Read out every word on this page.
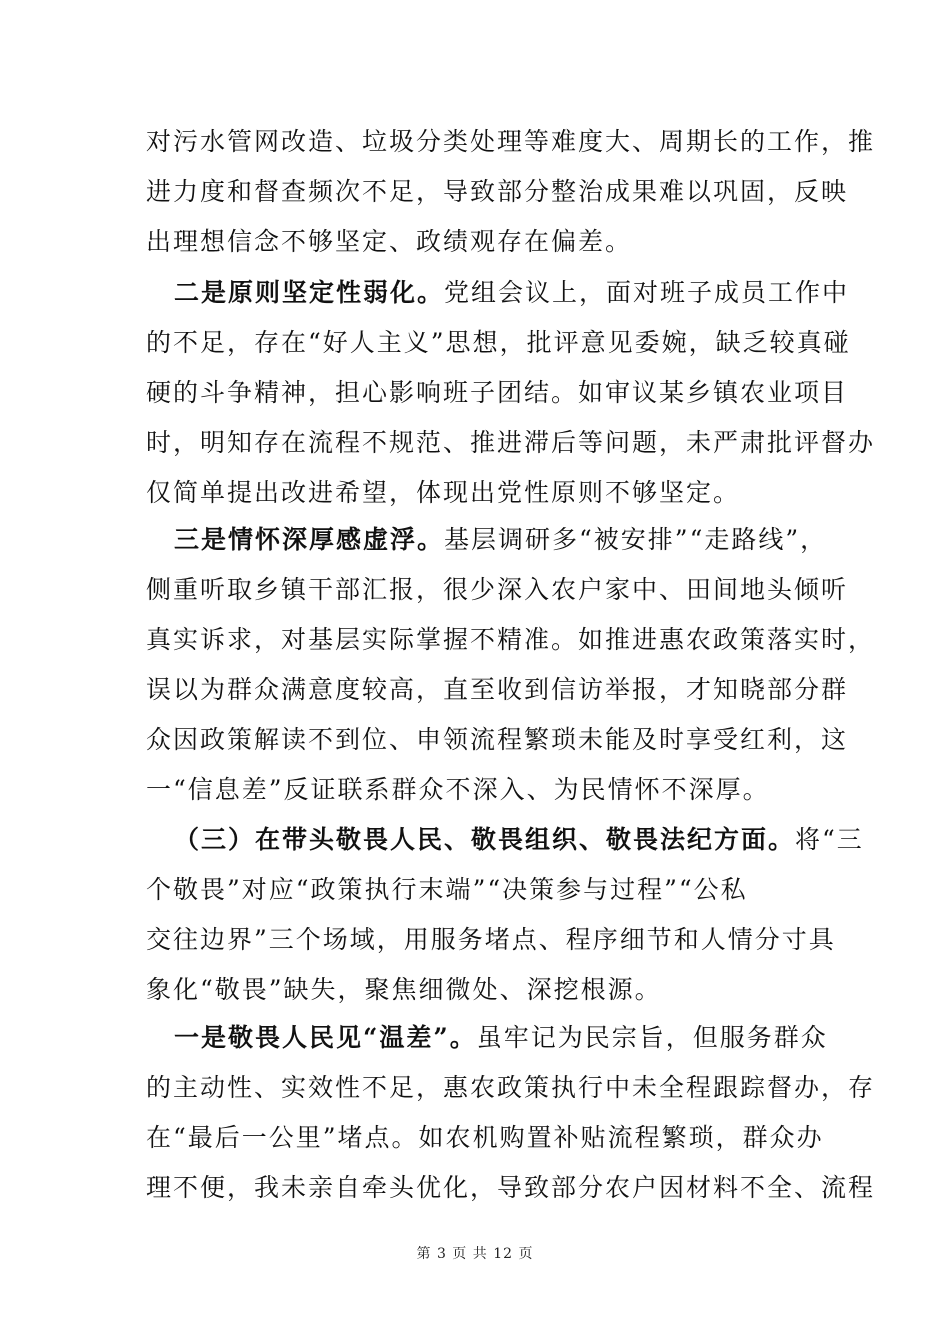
对污水管网改造、垃圾分类处理等难度大、周期长的工作，推
进力度和督查频次不足，导致部分整治成果难以巩固，反映
出理想信念不够坚定、政绩观存在偏差。
二是原则坚定性弱化。党组会议上，面对班子成员工作中
的不足，存在“好人主义”思想，批评意见委婉，缺乏较真碰
硬的斗争精神，担心影响班子团结。如审议某乡镇农业项目
时，明知存在流程不规范、推进滞后等问题，未严肃批评督办
仅简单提出改进希望，体现出党性原则不够坚定。
三是情怀深厚感虚浮。基层调研多“被安排”“走路线”，
侧重听取乡镇干部汇报，很少深入农户家中、田间地头倾听
真实诉求，对基层实际掌握不精准。如推进惠农政策落实时，
误以为群众满意度较高，直至收到信访举报，才知晓部分群
众因政策解读不到位、申领流程繁琐未能及时享受红利，这
一“信息差”反证联系群众不深入、为民情怀不深厚。
（三）在带头敬畏人民、敬畏组织、敬畏法纪方面。将“三
个敬畏”对应“政策执行末端”“决策参与过程”“公私
交往边界”三个场域，用服务堵点、程序细节和人情分寸具
象化“敬畏”缺失，聚焦细微处、深挖根源。
一是敬畏人民见“温差”。虽牢记为民宗旨，但服务群众
的主动性、实效性不足，惠农政策执行中未全程跟踪督办，存
在“最后一公里”堵点。如农机购置补贴流程繁琐，群众办
理不便，我未亲自牵头优化，导致部分农户因材料不全、流程
第 3 页 共 12 页
